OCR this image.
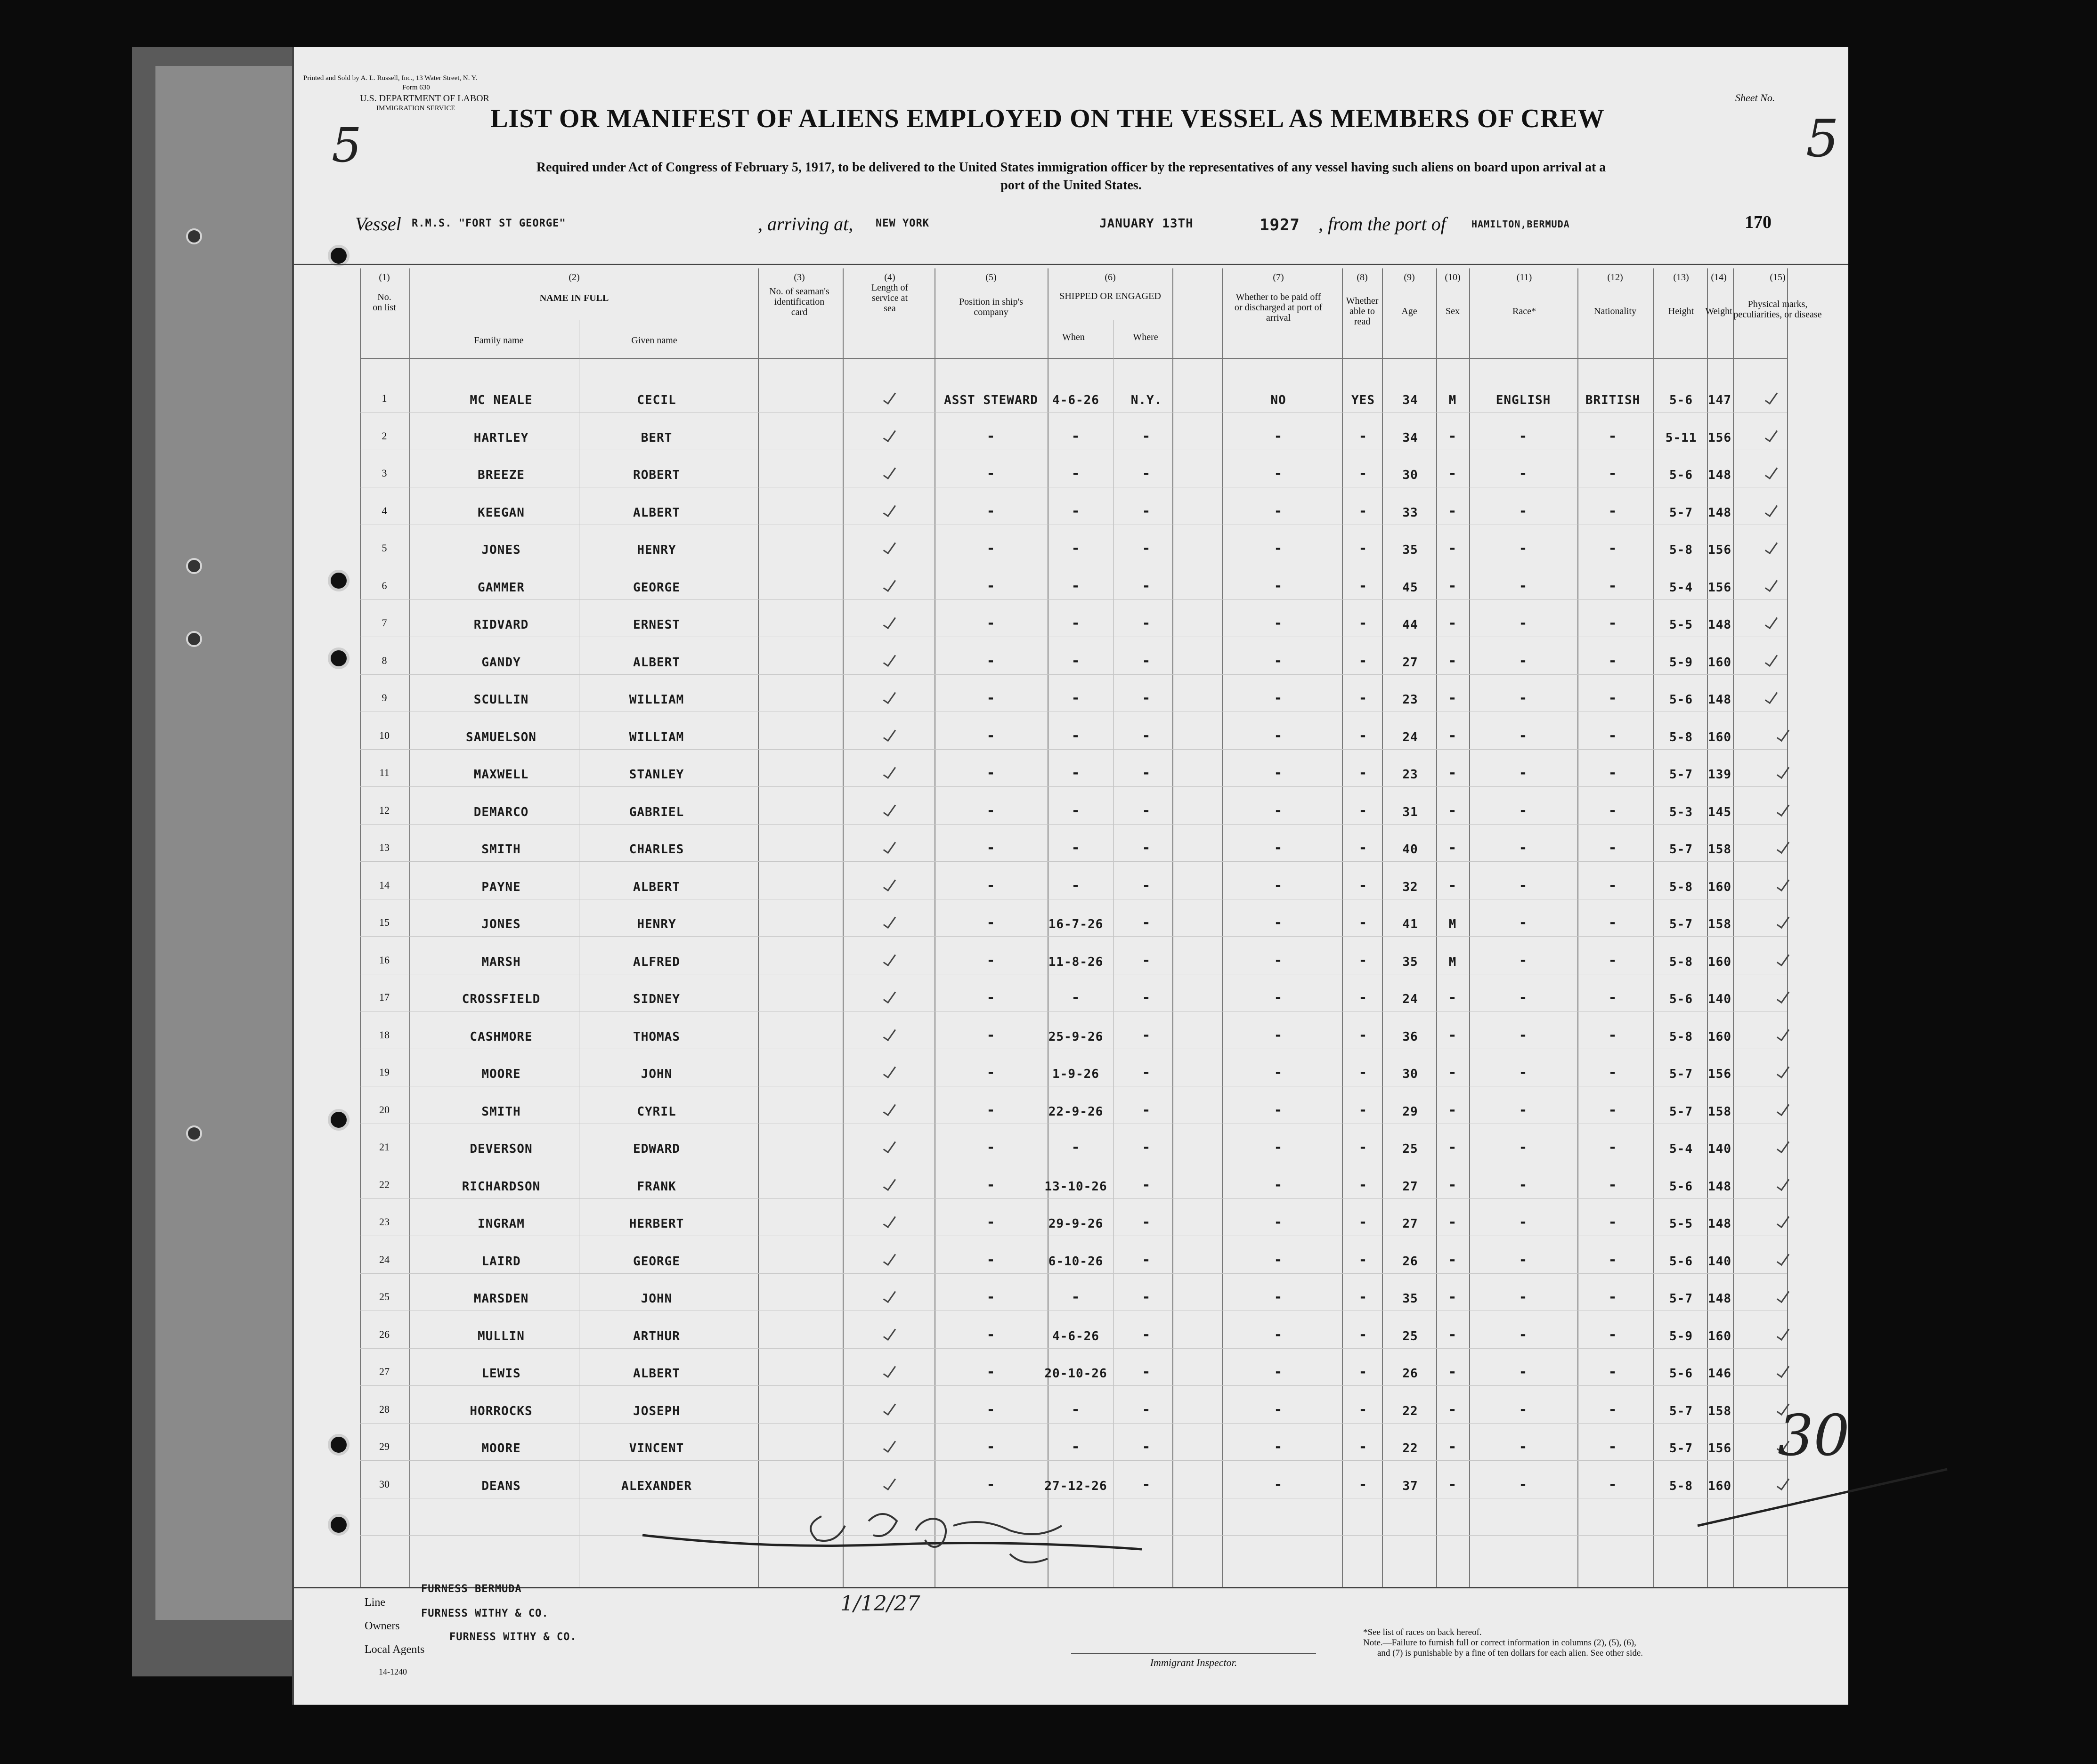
Printed and Sold by A. L. Russell, Inc., 13 Water Street, N. Y.
Form 630
U.S. DEPARTMENT OF LABOR
IMMIGRATION SERVICE
5	LIST OR MANIFEST OF ALIENS EMPLOYED ON THE VESSEL AS MEMBERS OF CREW
Required under Act of Congress of February 5, 1917, to be delivered to the United States immigration officer by the representatives of any vessel having such aliens on board upon arrival at a
port of the United States.
Sheet No.
5
170
Vessel R.M.S. "FORT ST GEORGE"	, arriving at, NEW YORK	JANUARY 13TH	1927 , from the port of	HAMILTON,BERMUDA
(1)
No. on list
(2)
NAME IN FULL
Family name	Given name
(3)
No. of seaman's identification card
(4)
Length of service at sea
(5)
Position in ship's company
(6)
SHIPPED OR ENGAGED
When	Where
(7)
Whether to be paid off or discharged at port of arrival
(8)
Whether able to read
(9)
Age
(10)
Sex
(11)
Race*
(12)
Nationality
(13)
Height
(14)
Weight
(15)
Physical marks, peculiarities, or disease
1	MC NEALE	CECIL	ASST STEWARD 4-6-26	N.Y.	NO	YES 34	M	ENGLISH	BRITISH 5-6 147
2	HARTLEY	BERT	-	-	-	-	-	34 -	-	-	5-11 156
3	BREEZE	ROBERT	-	-	-	-	-	30 -	-	-	5-6 148
4	KEEGAN	ALBERT	-	-	-	-	-	33 -	-	-	5-7 148
5	JONES	HENRY	-	-	-	-	-	35 -	-	-	5-8 156
6	GAMMER	GEORGE	-	-	-	-	-	45 -	-	-	5-4 156
7	RIDVARD	ERNEST	-	-	-	-	-	44 -	-	-	5-5 148
8	GANDY	ALBERT	-	-	-	-	-	27 -	-	-	5-9 160
9	SCULLIN	WILLIAM	-	-	-	-	-	23 -	-	-	5-6 148
10	SAMUELSON	WILLIAM	-	-	-	-	-	24 -	-	-	5-8 160
11	MAXWELL	STANLEY	-	-	-	-	-	23 -	-	-	5-7 139
12	DEMARCO	GABRIEL	-	-	-	-	-	31 -	-	-	5-3 145
13	SMITH	CHARLES	-	-	-	-	-	40 -	-	-	5-7 158
14	PAYNE	ALBERT	-	-	-	-	-	32 -	-	-	5-8 160
15	JONES	HENRY	-	16-7-26	-	-	-	41	M	-	-	5-7 158
16	MARSH	ALFRED	-	11-8-26	-	-	-	35	M	-	-	5-8 160
17	CROSSFIELD	SIDNEY	-	-	-	-	-	24 -	-	-	5-6 140
18	CASHMORE	THOMAS	-	25-9-26	-	-	-	36 -	-	-	5-8 160
19	MOORE	JOHN	-	1-9-26	-	-	-	30 -	-	-	5-7 156
20	SMITH	CYRIL	-	22-9-26	-	-	-	29 -	-	-	5-7 158
21	DEVERSON	EDWARD	-	-	-	-	-	25 -	-	-	5-4 140
22	RICHARDSON	FRANK	-	13-10-26	-	-	-	27 -	-	-	5-6 148
23	INGRAM	HERBERT	-	29-9-26	-	-	-	27 -	-	-	5-5 148
24	LAIRD	GEORGE	-	6-10-26	-	-	-	26 -	-	-	5-6 140
25	MARSDEN	JOHN	-	-	-	-	-	35 -	-	-	5-7 148
26	MULLIN	ARTHUR	-	4-6-26	-	-	-	25 -	-	-	5-9 160
27	LEWIS	ALBERT	-	20-10-26	-	-	-	26 -	-	-	5-6 146
28	HORROCKS	JOSEPH	-	-	-	-	-	22 -	-	-	5-7 158
29	MOORE	VINCENT	-	-	-	-	-	22 -	-	-	5-7 156
30	DEANS	ALEXANDER	-	27-12-26	-	-	-	37 -	-	-	5-8 160
30
Line
FURNESS BERMUDA
Owners
FURNESS WITHY & CO.
Local Agents
FURNESS WITHY & CO.
14-1240
1/12/27
Immigrant Inspector.
*See list of races on back hereof.
Note.—Failure to furnish full or correct information in columns (2), (5), (6),
and (7) is punishable by a fine of ten dollars for each alien. See other side.
